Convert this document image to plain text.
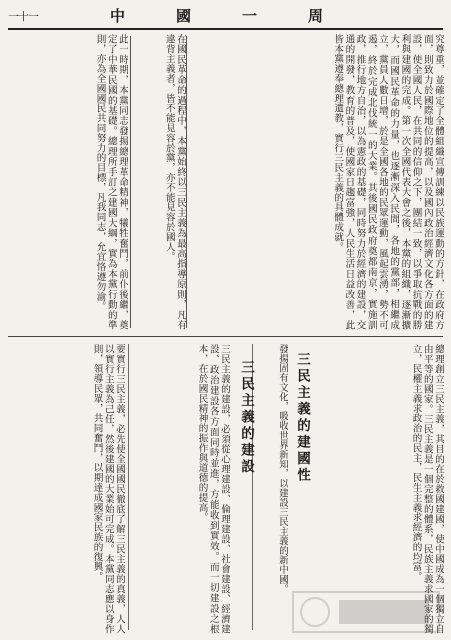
一十一	中　國　一　周
究尊重，並確定了全體組織宣傳訓練以民族運動的方針，在政府方面，則致力於國際地位的提高，以及國內政治經濟文化各方面的建設，使全國人民，在共同的信仰之下，團結一致，以爭取抗戰的勝利與建國的完成。第一次全國代表大會之後，本黨的組織，逐漸擴大，而國民革命的力量，也逐漸深入民間，各地的黨部，相繼成立，黨員人數日增，於是全國各地的民眾運動，風起雲湧，勢不可遏，終於完成北伐統一的大業。其後國民政府奠都南京，實施訓政，推行地方自治，以為憲政的基礎，同時努力於經濟的建設，交通的開發，教育的普及，使國家日趨富強，人民生活日益改善，此皆本黨遵奉總理遺教，實行三民主義的具體成就。
在國民革命的過程中，本黨始終以三民主義為最高指導原則，凡有違背主義者，皆不能見容於黨，亦不能見容於國人。
此一時期，本黨同志發揚總理革命精神，犧牲奮鬥，前仆後繼，奠定了中華民國的基礎。總理所手訂之建國大綱，實為本黨行動的準則，亦為全國國民共同努力的目標，凡我同志，允宜恪遵勿渝。
總理創立三民主義，其目的在於救國建國，使中國成為一個獨立自由平等的國家。三民主義是一個完整的體系，民族主義求國家的獨立，民權主義求政治的民主，民生主義求經濟的均富。
發揚固有文化，吸收世界新知，以建設三民主義的新中國。 三民主義的建國性
三民主義的建設
三民主義的建設，必須從心理建設、倫理建設、社會建設、經濟建設、政治建設各方面同時並進，方能收到實效。而一切建設之根本，在於國民精神的振作與道德的提高。
要實行三民主義，必先使全國國民徹底了解三民主義的真義，人人以實行主義為己任，然後建國的大業始可完成。本黨同志應以身作則，領導民眾，共同奮鬥，以期達成國家民族的復興。
